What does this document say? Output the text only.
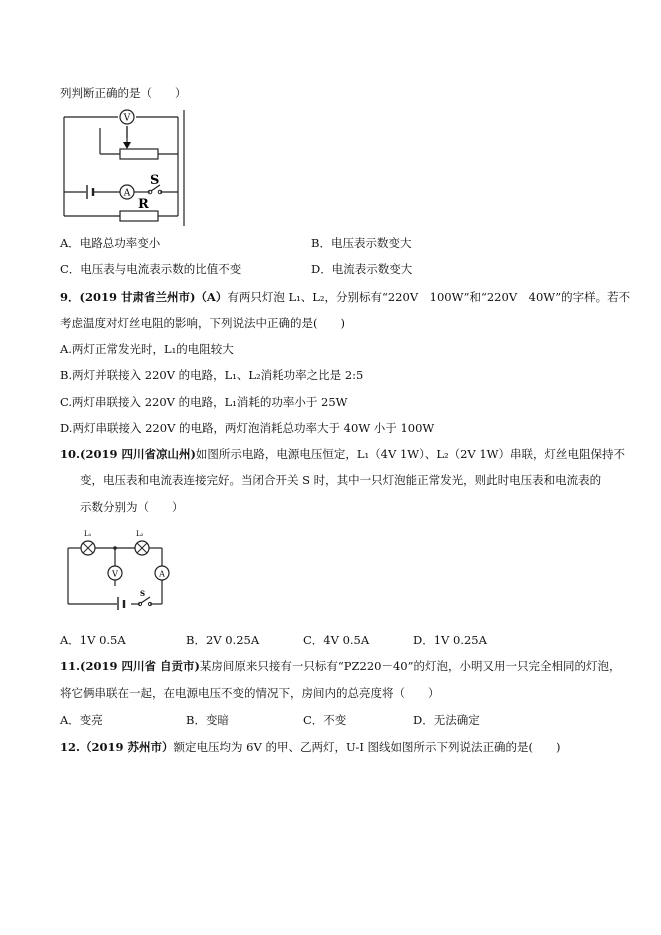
列判断正确的是（　　）
V
A
S
R
A．电路总功率变小	B．电压表示数变大
C．电压表与电流表示数的比值不变	D．电流表示数变大
9．(2019 甘肃省兰州市)（A）有两只灯泡 L₁、L₂，分别标有“220V　100W”和“220V　40W”的字样。若不
考虑温度对灯丝电阻的影响，下列说法中正确的是(　　)
A.两灯正常发光时，L₁的电阻较大
B.两灯并联接入 220V 的电路，L₁、L₂消耗功率之比是 2:5
C.两灯串联接入 220V 的电路，L₁消耗的功率小于 25W
D.两灯串联接入 220V 的电路，两灯泡消耗总功率大于 40W 小于 100W
10.(2019 四川省凉山州)如图所示电路，电源电压恒定，L₁（4V 1W）、L₂（2V 1W）串联，灯丝电阻保持不
变，电压表和电流表连接完好。当闭合开关 S 时，其中一只灯泡能正常发光，则此时电压表和电流表的
示数分别为（　　）
L₁	L₂
V	A
S
A．1V 0.5A	B．2V 0.25A	C．4V 0.5A	D．1V 0.25A
11.(2019 四川省 自贡市)某房间原来只接有一只标有“PZ220－40”的灯泡，小明又用一只完全相同的灯泡，
将它俩串联在一起，在电源电压不变的情况下，房间内的总亮度将（　　）
A．变亮	B．变暗	C．不变	D．无法确定
12.（2019 苏州市）额定电压均为 6V 的甲、乙两灯，U-I 图线如图所示下列说法正确的是(　　)
